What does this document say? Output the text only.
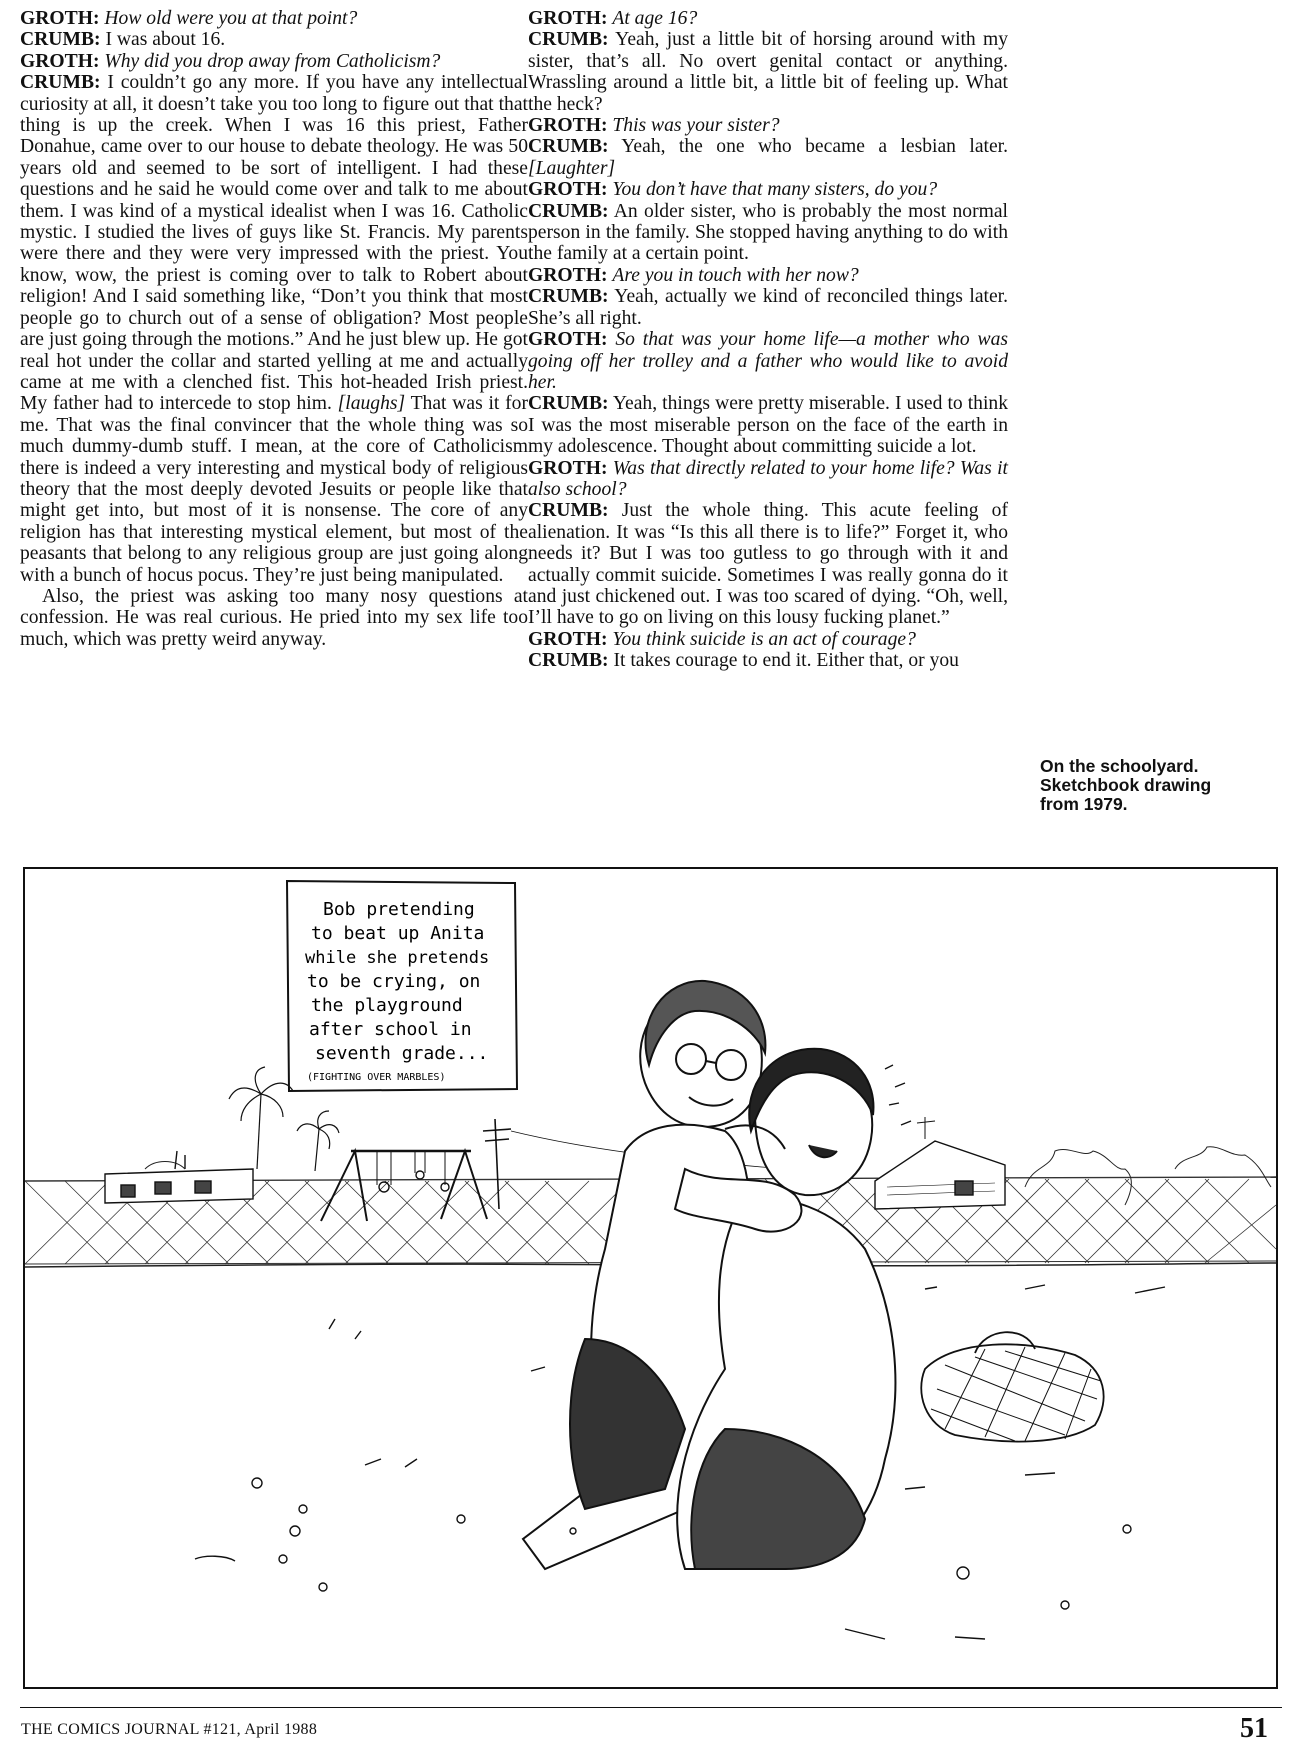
GROTH: How old were you at that point?

CRUMB: I was about 16.

GROTH: Why did you drop away from Catholicism?

CRUMB: I couldn’t go any more. If you have any intellectual curiosity at all, it doesn’t take you too long to figure out that that thing is up the creek. When I was 16 this priest, Father Donahue, came over to our house to debate theology. He was 50 years old and seemed to be sort of intelligent. I had these questions and he said he would come over and talk to me about them. I was kind of a mystical idealist when I was 16. Catholic mystic. I studied the lives of guys like St. Francis. My parents were there and they were very impressed with the priest. You know, wow, the priest is coming over to talk to Robert about religion! And I said something like, “Don’t you think that most people go to church out of a sense of obligation? Most people are just going through the motions.” And he just blew up. He got real hot under the collar and started yelling at me and actually came at me with a clenched fist. This hot-headed Irish priest. My father had to intercede to stop him. [laughs] That was it for me. That was the final convincer that the whole thing was so much dummy-dumb stuff. I mean, at the core of Catholicism there is indeed a very interesting and mystical body of religious theory that the most deeply devoted Jesuits or people like that might get into, but most of it is nonsense. The core of any religion has that interesting mystical element, but most of the peasants that belong to any religious group are just going along with a bunch of hocus pocus. They’re just being manipulated.

Also, the priest was asking too many nosy questions at confession. He was real curious. He pried into my sex life too much, which was pretty weird anyway.

GROTH: At age 16?

CRUMB: Yeah, just a little bit of horsing around with my sister, that’s all. No overt genital contact or anything. Wrassling around a little bit, a little bit of feeling up. What the heck?

GROTH: This was your sister?

CRUMB: Yeah, the one who became a lesbian later. [Laughter]

GROTH: You don’t have that many sisters, do you?

CRUMB: An older sister, who is probably the most normal person in the family. She stopped having anything to do with the family at a certain point.

GROTH: Are you in touch with her now?

CRUMB: Yeah, actually we kind of reconciled things later. She’s all right.

GROTH: So that was your home life—a mother who was going off her trolley and a father who would like to avoid her.

CRUMB: Yeah, things were pretty miserable. I used to think I was the most miserable person on the face of the earth in my adolescence. Thought about committing suicide a lot.

GROTH: Was that directly related to your home life? Was it also school?

CRUMB: Just the whole thing. This acute feeling of alienation. It was “Is this all there is to life?” Forget it, who needs it? But I was too gutless to go through with it and actually commit suicide. Sometimes I was really gonna do it and just chickened out. I was too scared of dying. “Oh, well, I’ll have to go on living on this lousy fucking planet.”

GROTH: You think suicide is an act of courage?

CRUMB: It takes courage to end it. Either that, or you

On the schoolyard.
Sketchbook drawing
from 1979.
Bob pretending
to beat up Anita
while she pretends
to be crying, on
the playground
after school in
seventh grade...
(FIGHTING OVER MARBLES)
THE COMICS JOURNAL #121, April 1988	51
